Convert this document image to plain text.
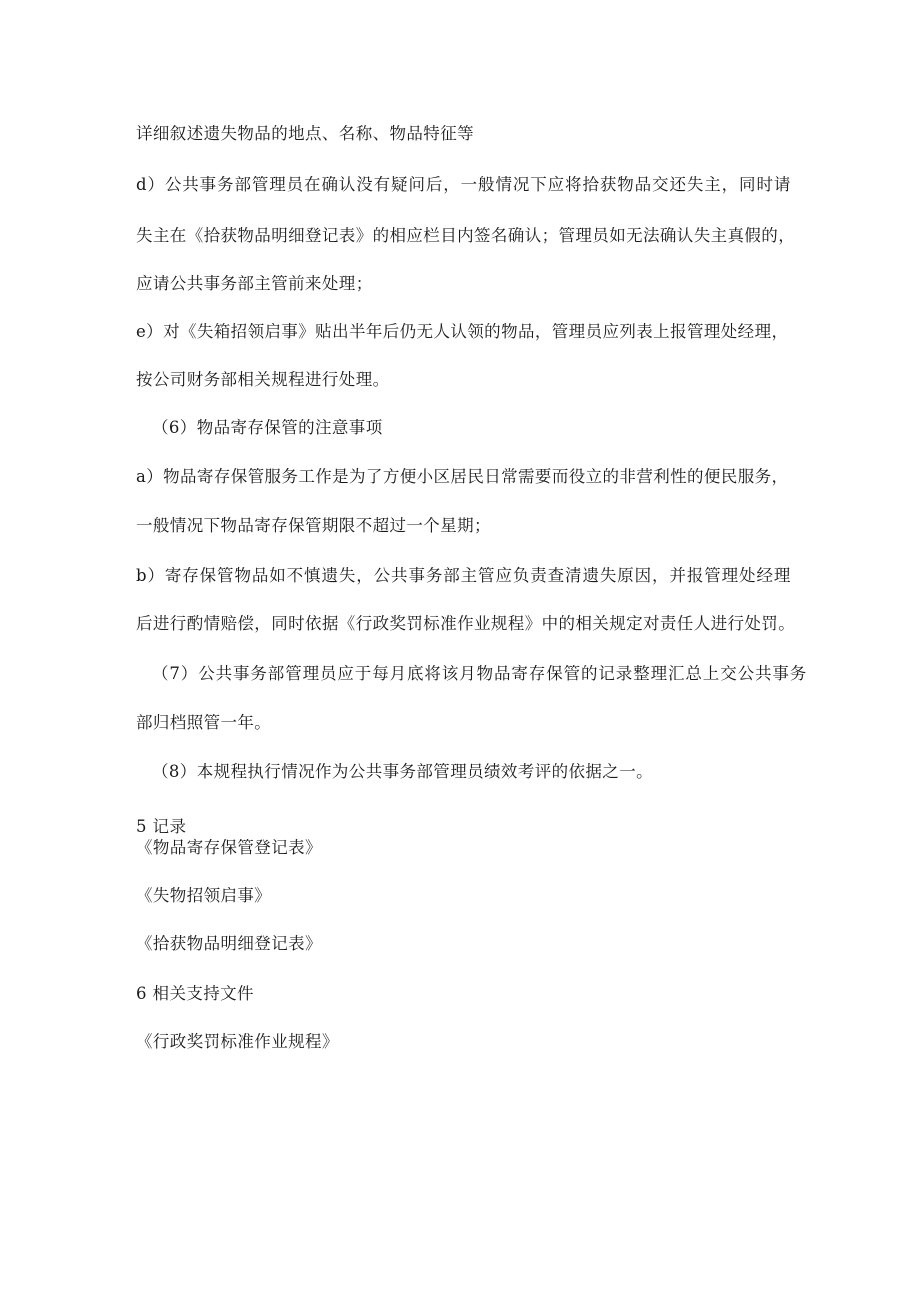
详细叙述遗失物品的地点、名称、物品特征等
d）公共事务部管理员在确认没有疑问后，一般情况下应将拾获物品交还失主，同时请
失主在《拾获物品明细登记表》的相应栏目内签名确认；管理员如无法确认失主真假的，
应请公共事务部主管前来处理；
e）对《失箱招领启事》贴出半年后仍无人认领的物品，管理员应列表上报管理处经理，
按公司财务部相关规程进行处理。
（6）物品寄存保管的注意事项
a）物品寄存保管服务工作是为了方便小区居民日常需要而役立的非营利性的便民服务，
一般情况下物品寄存保管期限不超过一个星期；
b）寄存保管物品如不慎遗失，公共事务部主管应负责查清遗失原因，并报管理处经理
后进行酌情赔偿，同时依据《行政奖罚标准作业规程》中的相关规定对责任人进行处罚。
（7）公共事务部管理员应于每月底将该月物品寄存保管的记录整理汇总上交公共事务
部归档照管一年。
（8）本规程执行情况作为公共事务部管理员绩效考评的依据之一。
5 记录
《物品寄存保管登记表》
《失物招领启事》
《拾获物品明细登记表》
6 相关支持文件
《行政奖罚标准作业规程》
